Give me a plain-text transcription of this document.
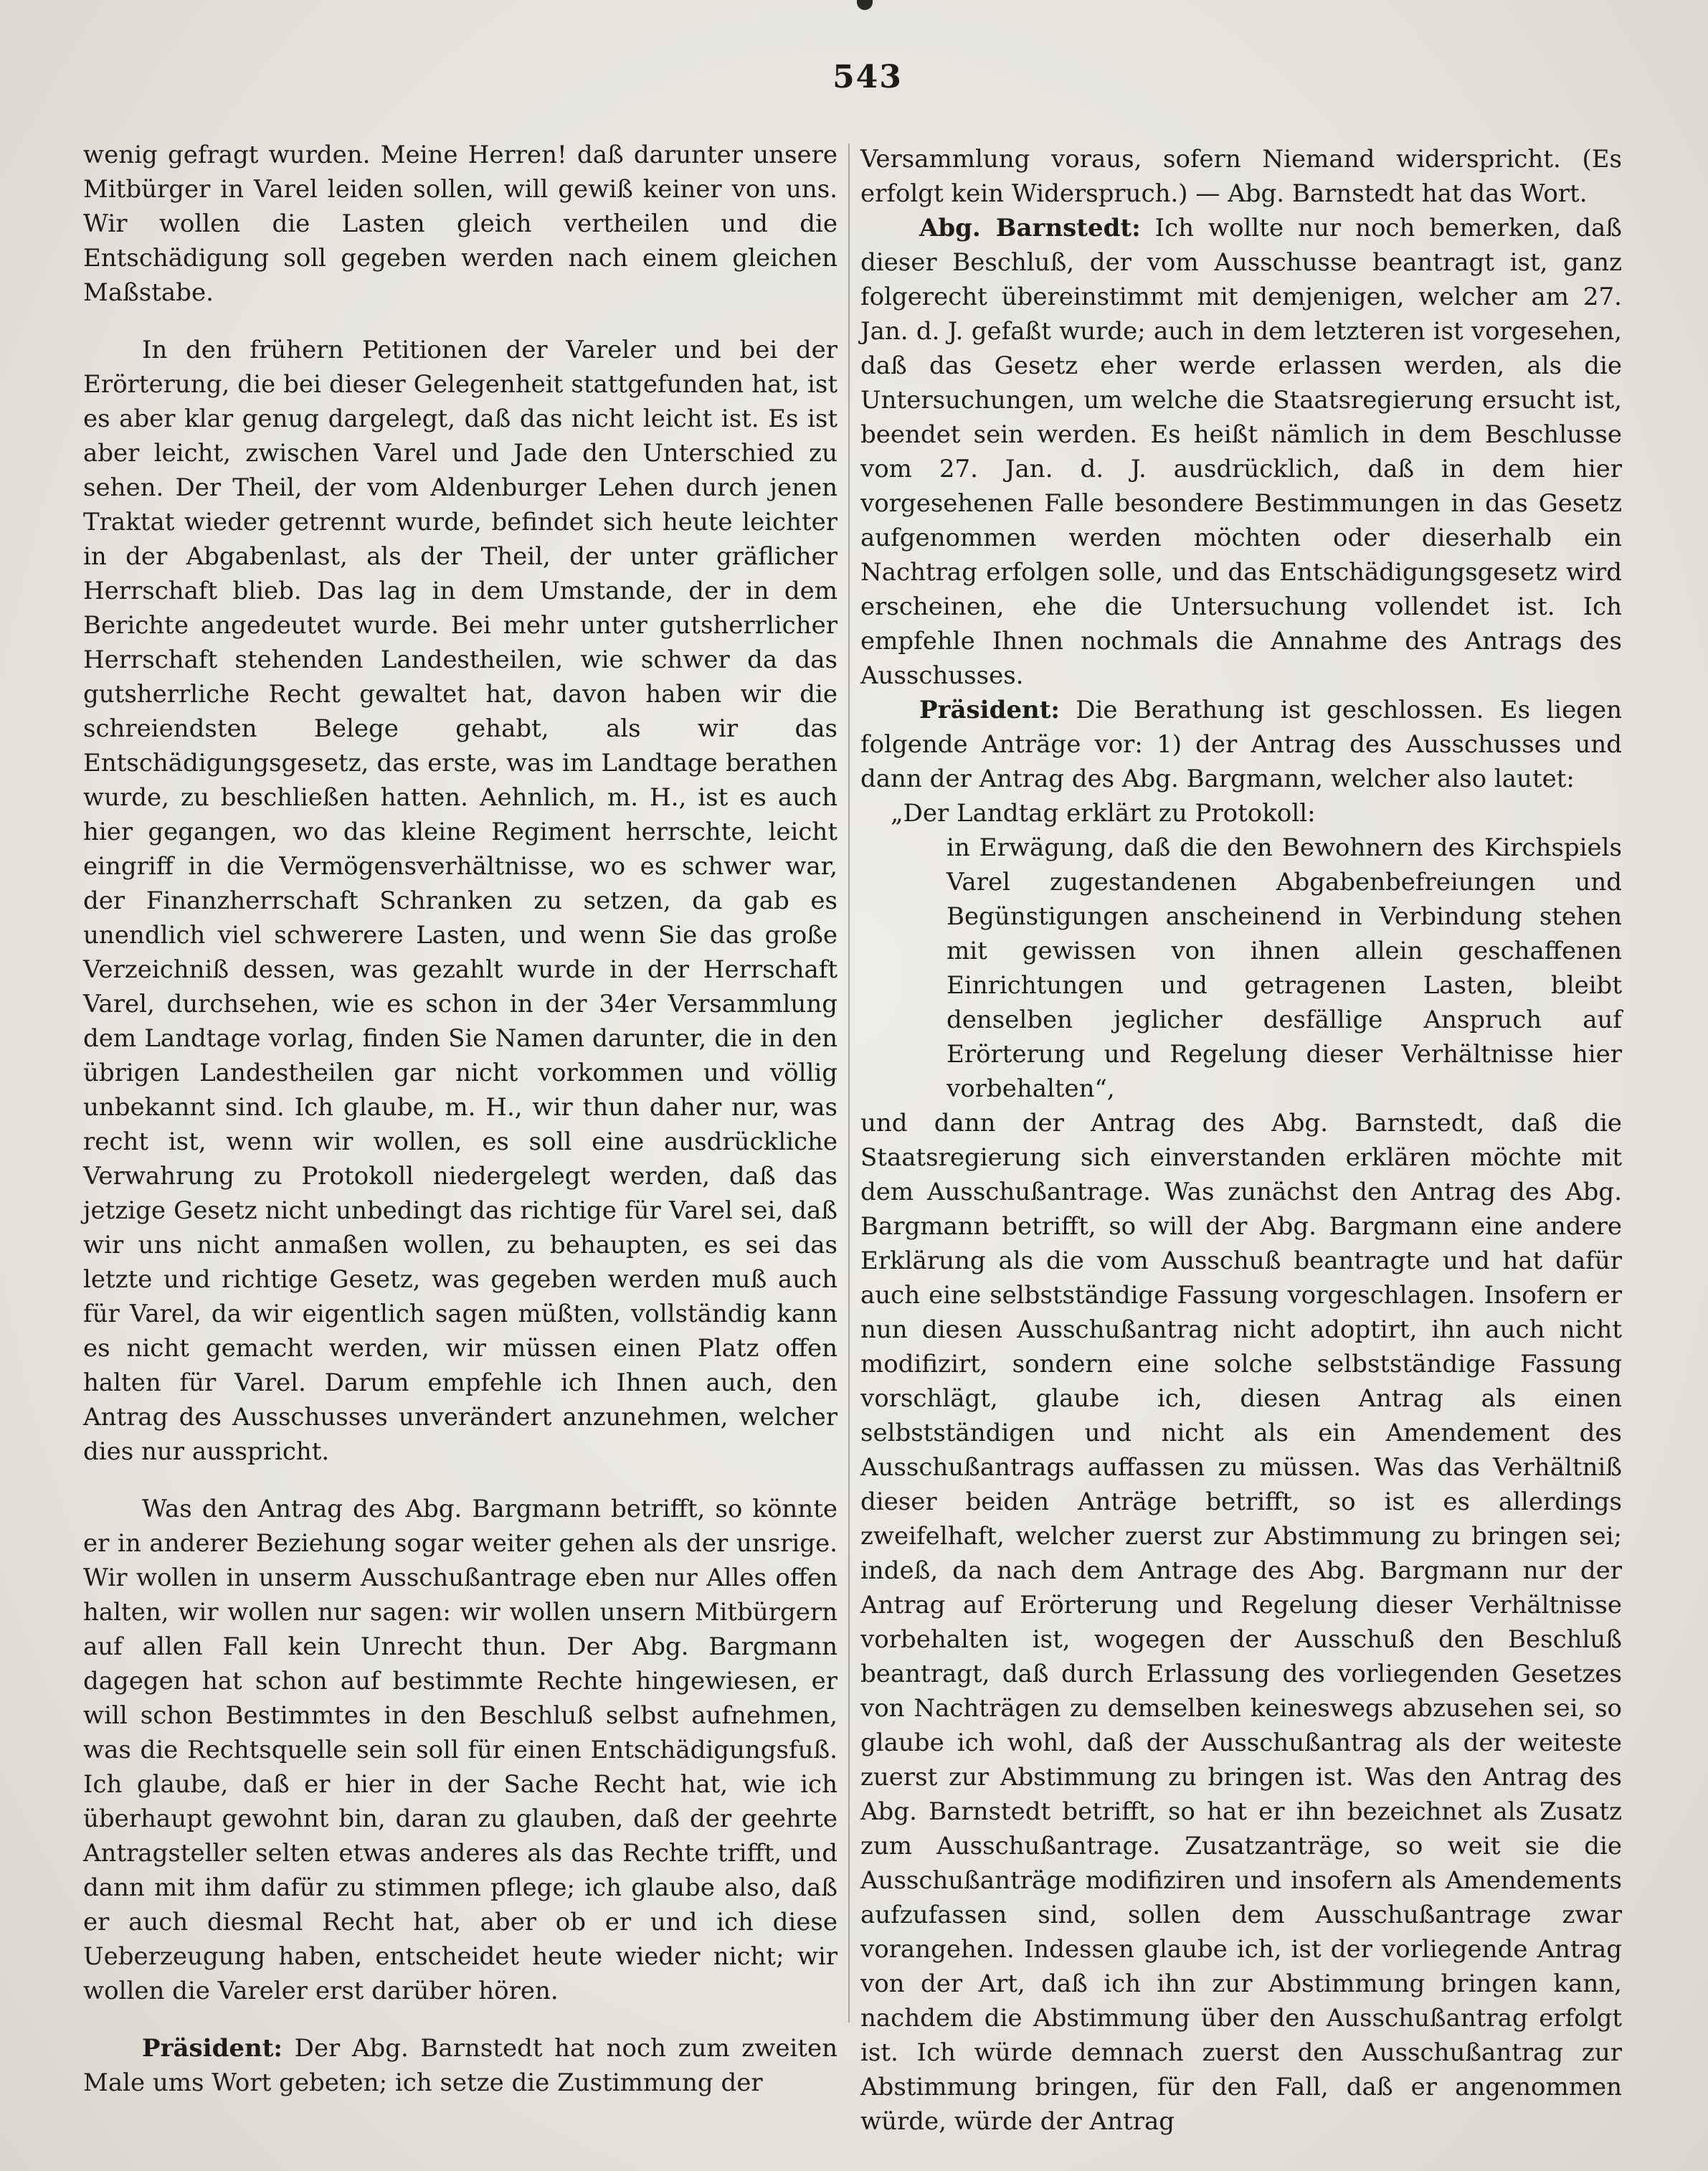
543

wenig gefragt wurden. Meine Herren! daß darunter unsere Mitbürger in Varel leiden sollen, will gewiß keiner von uns. Wir wollen die Lasten gleich vertheilen und die Entschädigung soll gegeben werden nach einem gleichen Maßstabe.

In den frühern Petitionen der Vareler und bei der Erörterung, die bei dieser Gelegenheit stattgefunden hat, ist es aber klar genug dargelegt, daß das nicht leicht ist. Es ist aber leicht, zwischen Varel und Jade den Unterschied zu sehen. Der Theil, der vom Aldenburger Lehen durch jenen Traktat wieder getrennt wurde, befindet sich heute leichter in der Abgabenlast, als der Theil, der unter gräflicher Herrschaft blieb. Das lag in dem Umstande, der in dem Berichte angedeutet wurde. Bei mehr unter gutsherrlicher Herrschaft stehenden Landestheilen, wie schwer da das gutsherrliche Recht gewaltet hat, davon haben wir die schreiendsten Belege gehabt, als wir das Entschädigungsgesetz, das erste, was im Landtage berathen wurde, zu beschließen hatten. Aehnlich, m. H., ist es auch hier gegangen, wo das kleine Regiment herrschte, leicht eingriff in die Vermögensverhältnisse, wo es schwer war, der Finanzherrschaft Schranken zu setzen, da gab es unendlich viel schwerere Lasten, und wenn Sie das große Verzeichniß dessen, was gezahlt wurde in der Herrschaft Varel, durchsehen, wie es schon in der 34er Versammlung dem Landtage vorlag, finden Sie Namen darunter, die in den übrigen Landestheilen gar nicht vorkommen und völlig unbekannt sind. Ich glaube, m. H., wir thun daher nur, was recht ist, wenn wir wollen, es soll eine ausdrückliche Verwahrung zu Protokoll niedergelegt werden, daß das jetzige Gesetz nicht unbedingt das richtige für Varel sei, daß wir uns nicht anmaßen wollen, zu behaupten, es sei das letzte und richtige Gesetz, was gegeben werden muß auch für Varel, da wir eigentlich sagen müßten, vollständig kann es nicht gemacht werden, wir müssen einen Platz offen halten für Varel. Darum empfehle ich Ihnen auch, den Antrag des Ausschusses unverändert anzunehmen, welcher dies nur ausspricht.

Was den Antrag des Abg. Bargmann betrifft, so könnte er in anderer Beziehung sogar weiter gehen als der unsrige. Wir wollen in unserm Ausschußantrage eben nur Alles offen halten, wir wollen nur sagen: wir wollen unsern Mitbürgern auf allen Fall kein Unrecht thun. Der Abg. Bargmann dagegen hat schon auf bestimmte Rechte hingewiesen, er will schon Bestimmtes in den Beschluß selbst aufnehmen, was die Rechtsquelle sein soll für einen Entschädigungsfuß. Ich glaube, daß er hier in der Sache Recht hat, wie ich überhaupt gewohnt bin, daran zu glauben, daß der geehrte Antragsteller selten etwas anderes als das Rechte trifft, und dann mit ihm dafür zu stimmen pflege; ich glaube also, daß er auch diesmal Recht hat, aber ob er und ich diese Ueberzeugung haben, entscheidet heute wieder nicht; wir wollen die Vareler erst darüber hören.

Präsident: Der Abg. Barnstedt hat noch zum zweiten Male ums Wort gebeten; ich setze die Zustimmung der

Versammlung voraus, sofern Niemand widerspricht. (Es erfolgt kein Widerspruch.) — Abg. Barnstedt hat das Wort.

Abg. Barnstedt: Ich wollte nur noch bemerken, daß dieser Beschluß, der vom Ausschusse beantragt ist, ganz folgerecht übereinstimmt mit demjenigen, welcher am 27. Jan. d. J. gefaßt wurde; auch in dem letzteren ist vorgesehen, daß das Gesetz eher werde erlassen werden, als die Untersuchungen, um welche die Staatsregierung ersucht ist, beendet sein werden. Es heißt nämlich in dem Beschlusse vom 27. Jan. d. J. ausdrücklich, daß in dem hier vorgesehenen Falle besondere Bestimmungen in das Gesetz aufgenommen werden möchten oder dieserhalb ein Nachtrag erfolgen solle, und das Entschädigungsgesetz wird erscheinen, ehe die Untersuchung vollendet ist. Ich empfehle Ihnen nochmals die Annahme des Antrags des Ausschusses.

Präsident: Die Berathung ist geschlossen. Es liegen folgende Anträge vor: 1) der Antrag des Ausschusses und dann der Antrag des Abg. Bargmann, welcher also lautet:

„Der Landtag erklärt zu Protokoll:

in Erwägung, daß die den Bewohnern des Kirchspiels Varel zugestandenen Abgabenbefreiungen und Begünstigungen anscheinend in Verbindung stehen mit gewissen von ihnen allein geschaffenen Einrichtungen und getragenen Lasten, bleibt denselben jeglicher desfällige Anspruch auf Erörterung und Regelung dieser Verhältnisse hier vorbehalten“,

und dann der Antrag des Abg. Barnstedt, daß die Staatsregierung sich einverstanden erklären möchte mit dem Ausschußantrage. Was zunächst den Antrag des Abg. Bargmann betrifft, so will der Abg. Bargmann eine andere Erklärung als die vom Ausschuß beantragte und hat dafür auch eine selbstständige Fassung vorgeschlagen. Insofern er nun diesen Ausschußantrag nicht adoptirt, ihn auch nicht modifizirt, sondern eine solche selbstständige Fassung vorschlägt, glaube ich, diesen Antrag als einen selbstständigen und nicht als ein Amendement des Ausschußantrags auffassen zu müssen. Was das Verhältniß dieser beiden Anträge betrifft, so ist es allerdings zweifelhaft, welcher zuerst zur Abstimmung zu bringen sei; indeß, da nach dem Antrage des Abg. Bargmann nur der Antrag auf Erörterung und Regelung dieser Verhältnisse vorbehalten ist, wogegen der Ausschuß den Beschluß beantragt, daß durch Erlassung des vorliegenden Gesetzes von Nachträgen zu demselben keineswegs abzusehen sei, so glaube ich wohl, daß der Ausschußantrag als der weiteste zuerst zur Abstimmung zu bringen ist. Was den Antrag des Abg. Barnstedt betrifft, so hat er ihn bezeichnet als Zusatz zum Ausschußantrage. Zusatzanträge, so weit sie die Ausschußanträge modifiziren und insofern als Amendements aufzufassen sind, sollen dem Ausschußantrage zwar vorangehen. Indessen glaube ich, ist der vorliegende Antrag von der Art, daß ich ihn zur Abstimmung bringen kann, nachdem die Abstimmung über den Ausschußantrag erfolgt ist. Ich würde demnach zuerst den Ausschußantrag zur Abstimmung bringen, für den Fall, daß er angenommen würde, würde der Antrag
